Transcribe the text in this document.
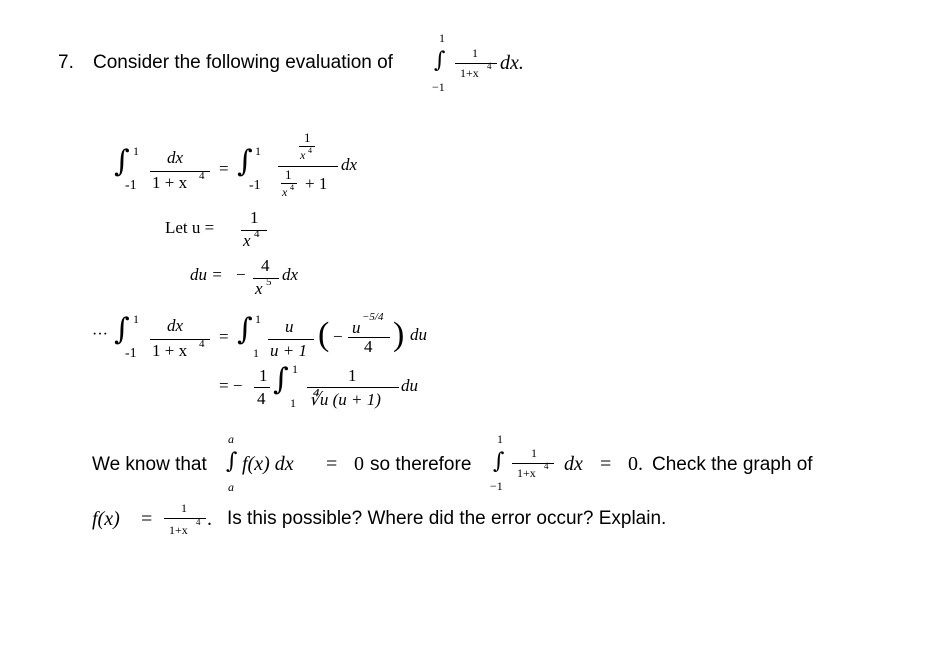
7. Consider the following evaluation of
1
∫
−1
1
1+x 4 dx.
∫ 1
-1
dx
1 + x 4 = ∫ 1
-1
1
x 4
1
x 4 + 1
dx
Let u =
1
x 4
du = − 4
x 5 dx
··· ∫ 1
-1
dx
1 + x 4 = ∫ 1
1
u
u + 1 ( − u
−5/4
4 ) du
= −
1
4
∫ 1
1
1
∜u (u + 1)
du
We know that
a
∫
a
f(x) dx = 0 so therefore
1
∫
−1
1
1+x 4 dx = 0. Check the graph of
f(x) = 1
1+x
4 . Is this possible? Where did the error occur? Explain.
